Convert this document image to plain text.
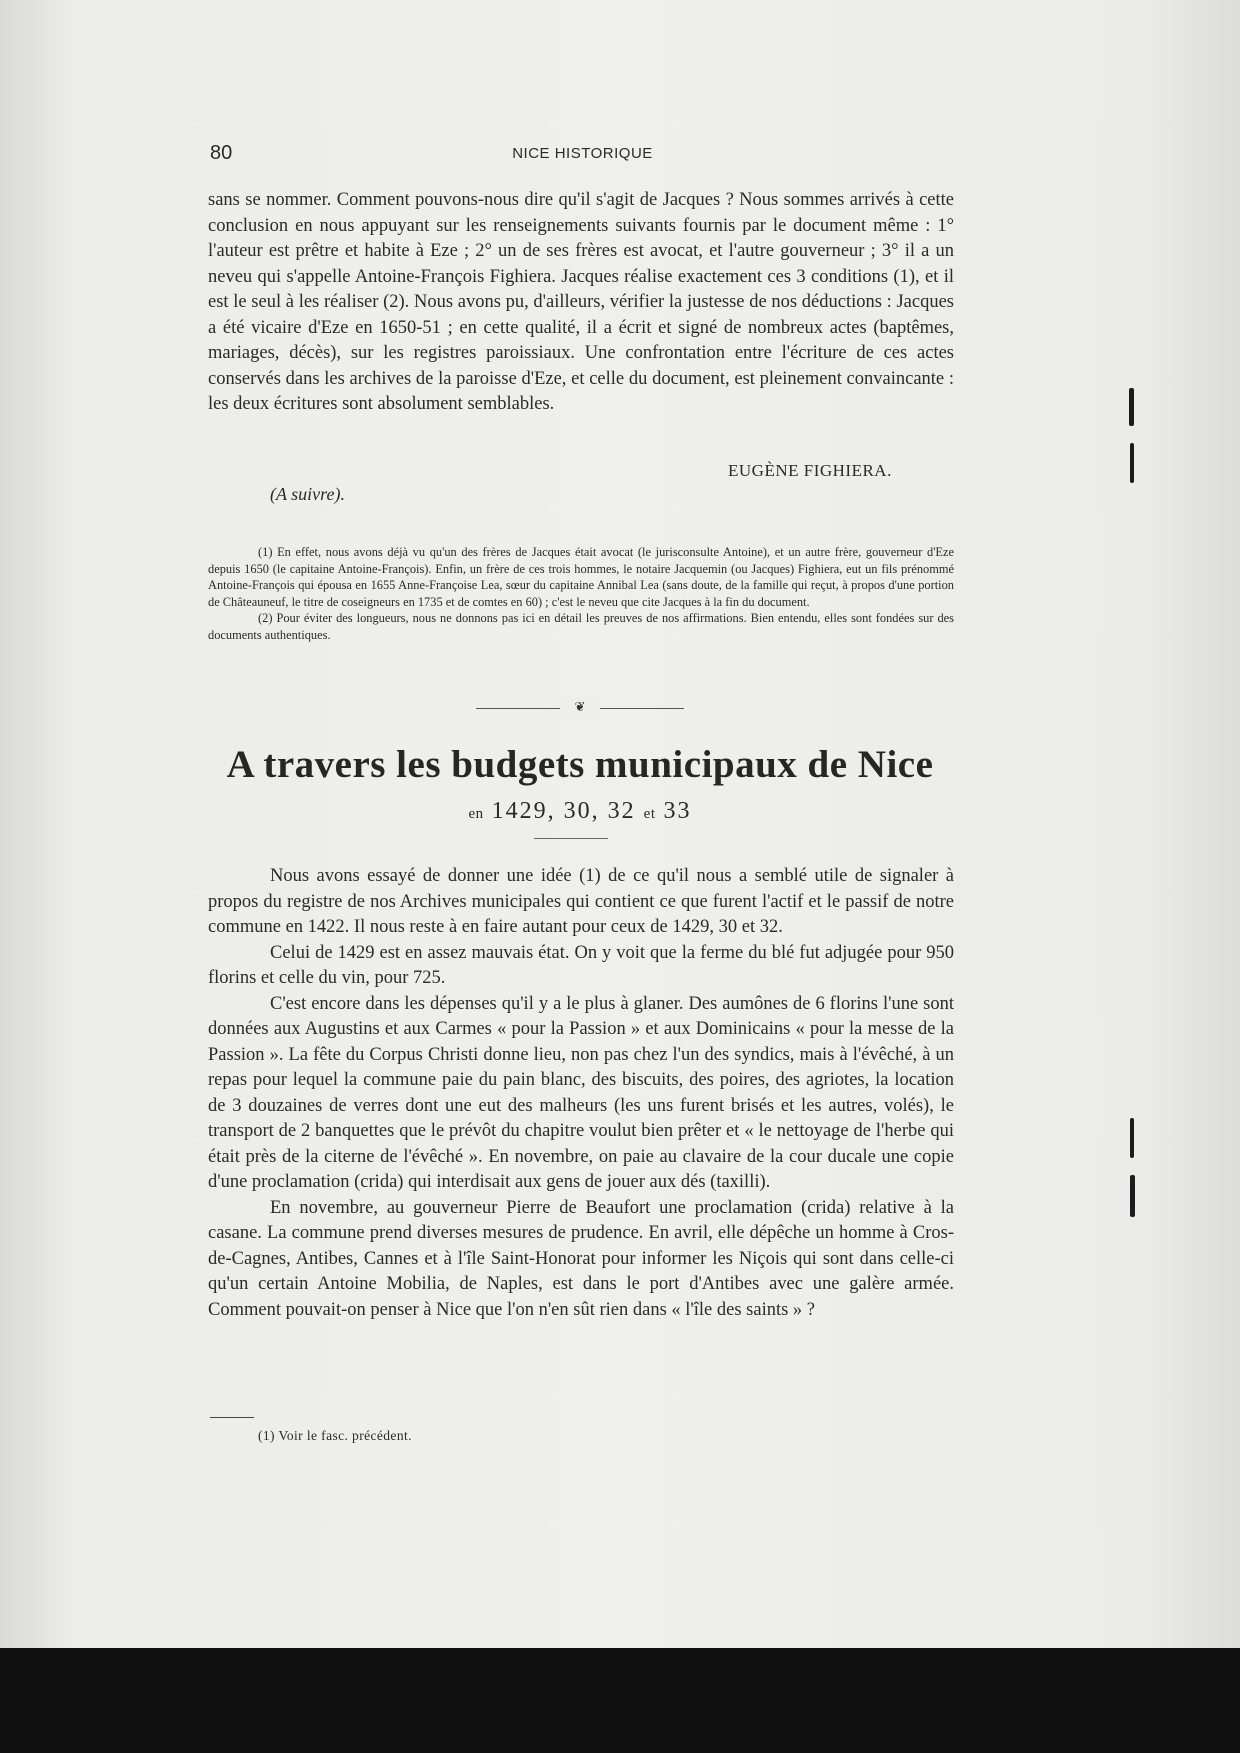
80	NICE HISTORIQUE

sans se nommer. Comment pouvons-nous dire qu'il s'agit de Jacques ? Nous sommes arrivés à cette conclusion en nous appuyant sur les renseignements suivants fournis par le document même : 1° l'auteur est prêtre et habite à Eze ; 2° un de ses frères est avocat, et l'autre gouverneur ; 3° il a un neveu qui s'appelle Antoine-François Fighiera. Jacques réalise exactement ces 3 conditions (1), et il est le seul à les réaliser (2). Nous avons pu, d'ailleurs, vérifier la justesse de nos déductions : Jacques a été vicaire d'Eze en 1650-51 ; en cette qualité, il a écrit et signé de nombreux actes (baptêmes, mariages, décès), sur les registres paroissiaux. Une confrontation entre l'écriture de ces actes conservés dans les archives de la paroisse d'Eze, et celle du document, est pleinement convaincante : les deux écritures sont absolument semblables.

EUGÈNE FIGHIERA.
(A suivre).

(1) En effet, nous avons déjà vu qu'un des frères de Jacques était avocat (le jurisconsulte Antoine), et un autre frère, gouverneur d'Eze depuis 1650 (le capitaine Antoine-François). Enfin, un frère de ces trois hommes, le notaire Jacquemin (ou Jacques) Fighiera, eut un fils prénommé Antoine-François qui épousa en 1655 Anne-Françoise Lea, sœur du capitaine Annibal Lea (sans doute, de la famille qui reçut, à propos d'une portion de Châteauneuf, le titre de coseigneurs en 1735 et de comtes en 60) ; c'est le neveu que cite Jacques à la fin du document.

(2) Pour éviter des longueurs, nous ne donnons pas ici en détail les preuves de nos affirmations. Bien entendu, elles sont fondées sur des documents authentiques.

❦
A travers les budgets municipaux de Nice
en 1429, 30, 32 et 33

Nous avons essayé de donner une idée (1) de ce qu'il nous a semblé utile de signaler à propos du registre de nos Archives municipales qui contient ce que furent l'actif et le passif de notre commune en 1422. Il nous reste à en faire autant pour ceux de 1429, 30 et 32.

Celui de 1429 est en assez mauvais état. On y voit que la ferme du blé fut adjugée pour 950 florins et celle du vin, pour 725.

C'est encore dans les dépenses qu'il y a le plus à glaner. Des aumônes de 6 florins l'une sont données aux Augustins et aux Carmes « pour la Passion » et aux Dominicains « pour la messe de la Passion ». La fête du Corpus Christi donne lieu, non pas chez l'un des syndics, mais à l'évêché, à un repas pour lequel la commune paie du pain blanc, des biscuits, des poires, des agriotes, la location de 3 douzaines de verres dont une eut des malheurs (les uns furent brisés et les autres, volés), le transport de 2 banquettes que le prévôt du chapitre voulut bien prêter et « le nettoyage de l'herbe qui était près de la citerne de l'évêché ». En novembre, on paie au clavaire de la cour ducale une copie d'une proclamation (crida) qui interdisait aux gens de jouer aux dés (taxilli).

En novembre, au gouverneur Pierre de Beaufort une proclamation (crida) relative à la casane. La commune prend diverses mesures de prudence. En avril, elle dépêche un homme à Cros-de-Cagnes, Antibes, Cannes et à l'île Saint-Honorat pour informer les Niçois qui sont dans celle-ci qu'un certain Antoine Mobilia, de Naples, est dans le port d'Antibes avec une galère armée. Comment pouvait-on penser à Nice que l'on n'en sût rien dans « l'île des saints » ?

(1) Voir le fasc. précédent.
